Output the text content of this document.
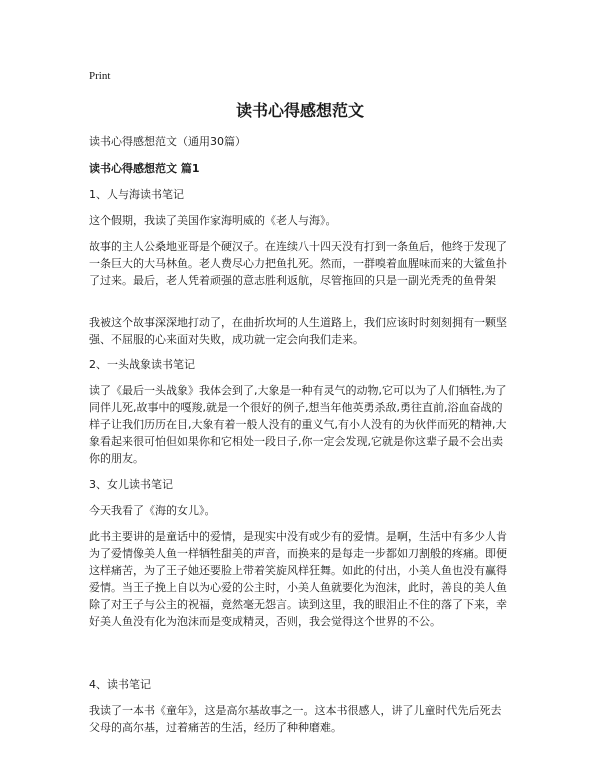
Print
读书心得感想范文

读书心得感想范文（通用30篇）

读书心得感想范文 篇1

1、人与海读书笔记

这个假期，我读了美国作家海明威的《老人与海》。

故事的主人公桑地亚哥是个硬汉子。在连续八十四天没有打到一条鱼后，他终于发现了一条巨大的大马林鱼。老人费尽心力把鱼扎死。然而，一群嗅着血腥味而来的大鲨鱼扑了过来。最后，老人凭着顽强的意志胜利返航，尽管拖回的只是一副光秃秃的鱼骨架

我被这个故事深深地打动了，在曲折坎坷的人生道路上，我们应该时时刻刻拥有一颗坚强、不屈服的心来面对失败，成功就一定会向我们走来。

2、一头战象读书笔记

读了《最后一头战象》我体会到了,大象是一种有灵气的动物,它可以为了人们牺牲,为了同伴儿死,故事中的嘎羧,就是一个很好的例子,想当年他英勇杀敌,勇往直前,浴血奋战的样子让我们历历在目,大象有着一般人没有的重义气,有小人没有的为伙伴而死的精神,大象看起来很可怕但如果你和它相处一段日子,你一定会发现,它就是你这辈子最不会出卖你的朋友。

3、女儿读书笔记

今天我看了《海的女儿》。

此书主要讲的是童话中的爱情，是现实中没有或少有的爱情。是啊，生活中有多少人肯为了爱情像美人鱼一样牺牲甜美的声音，而换来的是每走一步都如刀割般的疼痛。即便这样痛苦，为了王子她还要脸上带着笑旋风样狂舞。如此的付出，小美人鱼也没有赢得爱情。当王子挽上自以为心爱的公主时，小美人鱼就要化为泡沫，此时，善良的美人鱼除了对王子与公主的祝福，竟然毫无怨言。读到这里，我的眼泪止不住的落了下来，幸好美人鱼没有化为泡沫而是变成精灵，否则，我会觉得这个世界的不公。

4、读书笔记

我读了一本书《童年》，这是高尔基故事之一。这本书很感人，讲了儿童时代先后死去父母的高尔基，过着痛苦的生活，经历了种种磨难。
